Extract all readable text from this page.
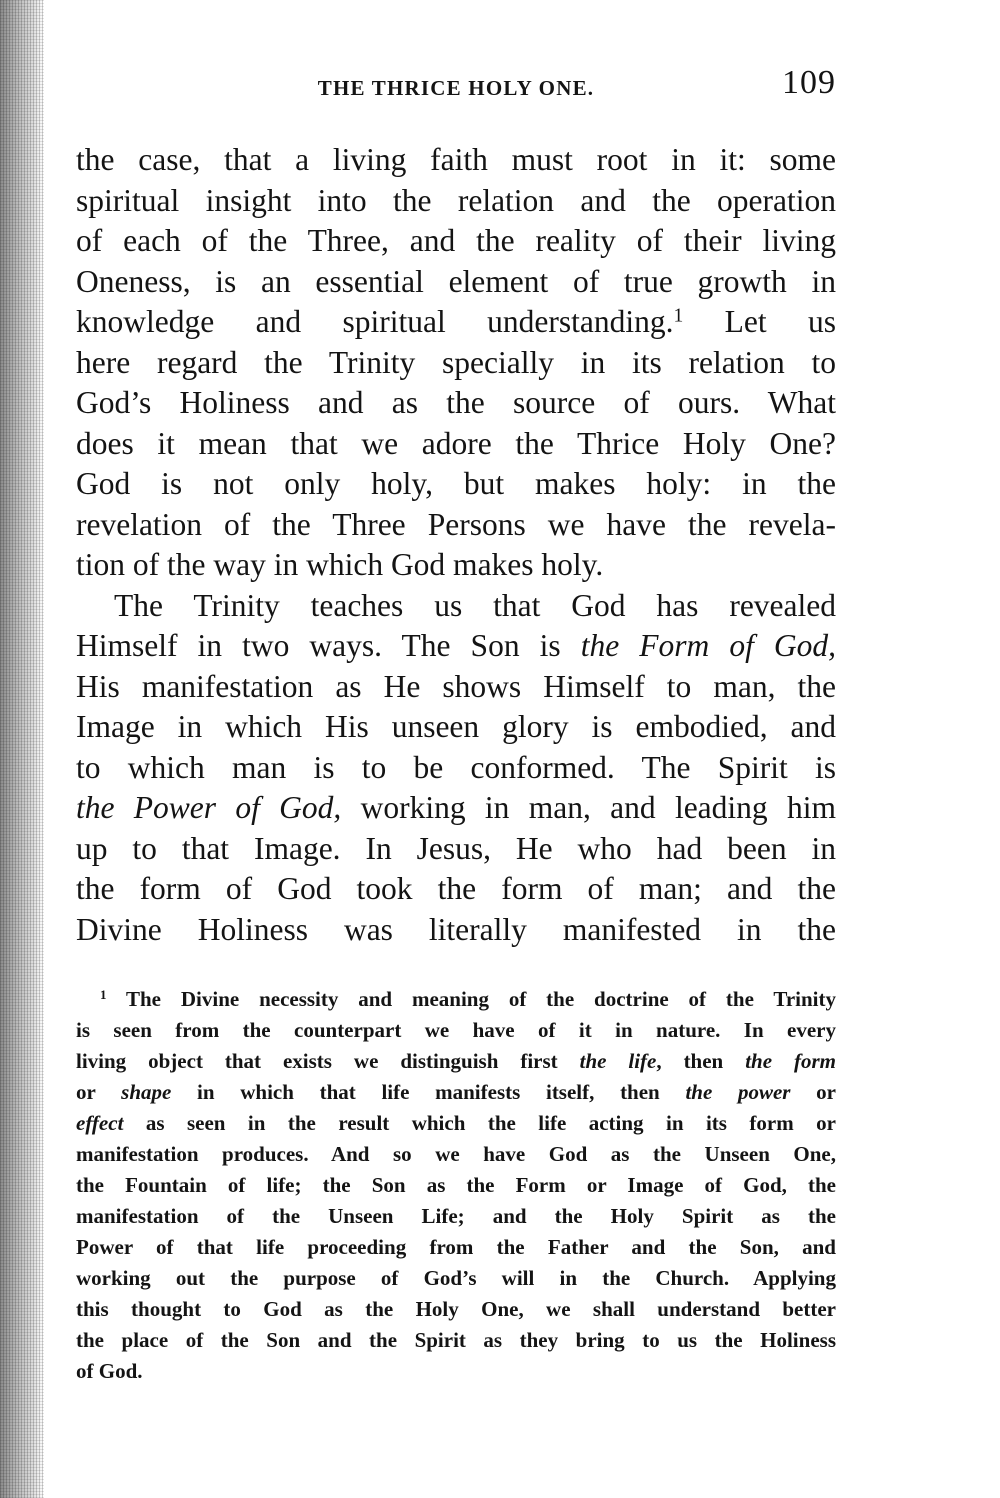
THE THRICE HOLY ONE.	109
the case, that a living faith must root in it: some
spiritual insight into the relation and the operation
of each of the Three, and the reality of their living
Oneness, is an essential element of true growth in
knowledge and spiritual understanding.$^1$ Let us
here regard the Trinity specially in its relation to
God’s Holiness and as the source of ours. What
does it mean that we adore the Thrice Holy One?
God is not only holy, but makes holy: in the
revelation of the Three Persons we have the revela-
tion of the way in which God makes holy.
The Trinity teaches us that God has revealed
Himself in two ways. The Son is the Form of God,
His manifestation as He shows Himself to man, the
Image in which His unseen glory is embodied, and
to which man is to be conformed. The Spirit is
the Power of God, working in man, and leading him
up to that Image. In Jesus, He who had been in
the form of God took the form of man; and the
Divine Holiness was literally manifested in the
$^1$ The Divine necessity and meaning of the doctrine of the Trinity
is seen from the counterpart we have of it in nature. In every
living object that exists we distinguish first the life, then the form
or shape in which that life manifests itself, then the power or
effect as seen in the result which the life acting in its form or
manifestation produces. And so we have God as the Unseen One,
the Fountain of life; the Son as the Form or Image of God, the
manifestation of the Unseen Life; and the Holy Spirit as the
Power of that life proceeding from the Father and the Son, and
working out the purpose of God’s will in the Church. Applying
this thought to God as the Holy One, we shall understand better
the place of the Son and the Spirit as they bring to us the Holiness
of God.
